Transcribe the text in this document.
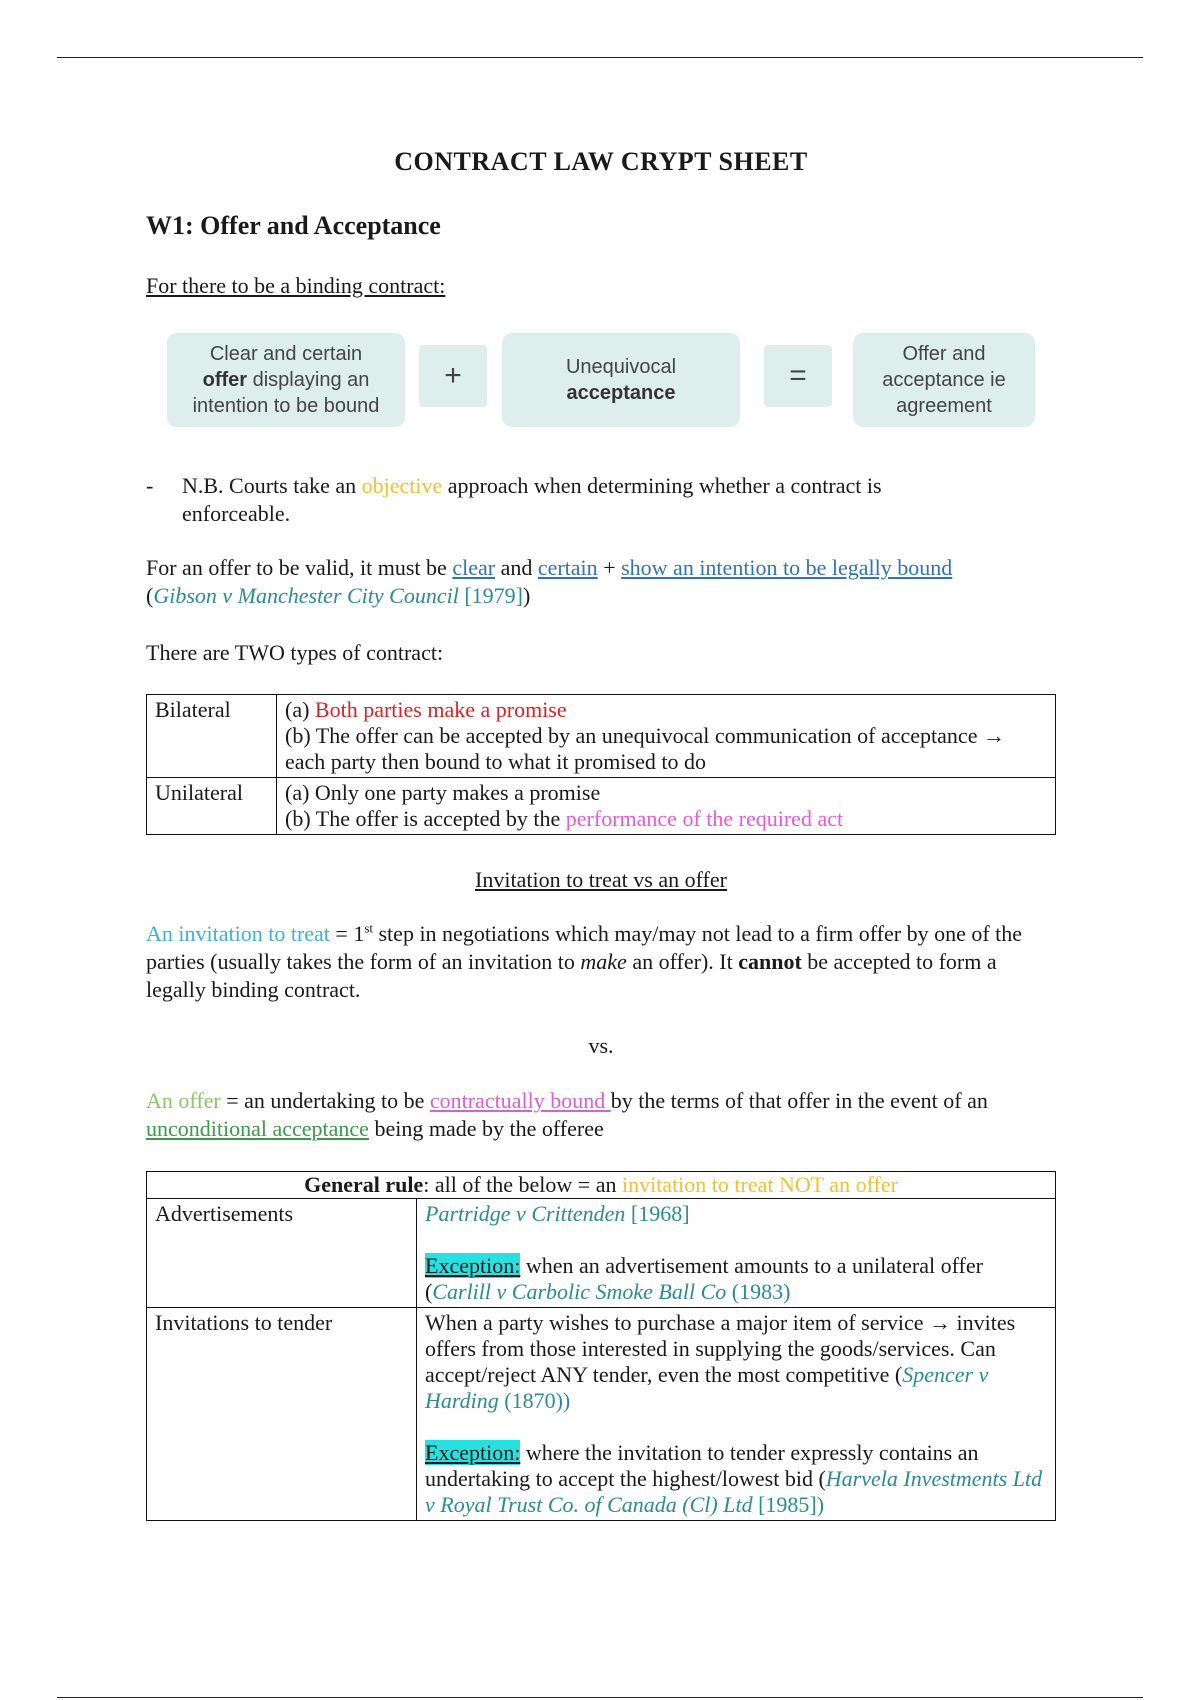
CONTRACT LAW CRYPT SHEET
W1: Offer and Acceptance
For there to be a binding contract:
Clear and certain
offer displaying an
intention to be bound
+	Unequivocal
acceptance
=
Offer and
acceptance ie
agreement
-	N.B. Courts take an objective approach when determining whether a contract is enforceable.
For an offer to be valid, it must be clear and certain + show an intention to be legally bound
(Gibson v Manchester City Council [1979])
There are TWO types of contract:
Bilateral	(a) Both parties make a promise
(b) The offer can be accepted by an unequivocal communication of acceptance → each party then bound to what it promised to do
Unilateral	(a) Only one party makes a promise
(b) The offer is accepted by the performance of the required act
Invitation to treat vs an offer
An invitation to treat = 1st step in negotiations which may/may not lead to a firm offer by one of the parties (usually takes the form of an invitation to make an offer). It cannot be accepted to form a legally binding contract.
vs.
An offer = an undertaking to be contractually bound by the terms of that offer in the event of an unconditional acceptance being made by the offeree
General rule: all of the below = an invitation to treat NOT an offer	
Advertisements	Partridge v Crittenden [1968]
Exception: when an advertisement amounts to a unilateral offer (Carlill v Carbolic Smoke Ball Co (1983)
Invitations to tender	When a party wishes to purchase a major item of service → invites offers from those interested in supplying the goods/services. Can accept/reject ANY tender, even the most competitive (Spencer v Harding (1870))
Exception: where the invitation to tender expressly contains an undertaking to accept the highest/lowest bid (Harvela Investments Ltd v Royal Trust Co. of Canada (Cl) Ltd [1985])
